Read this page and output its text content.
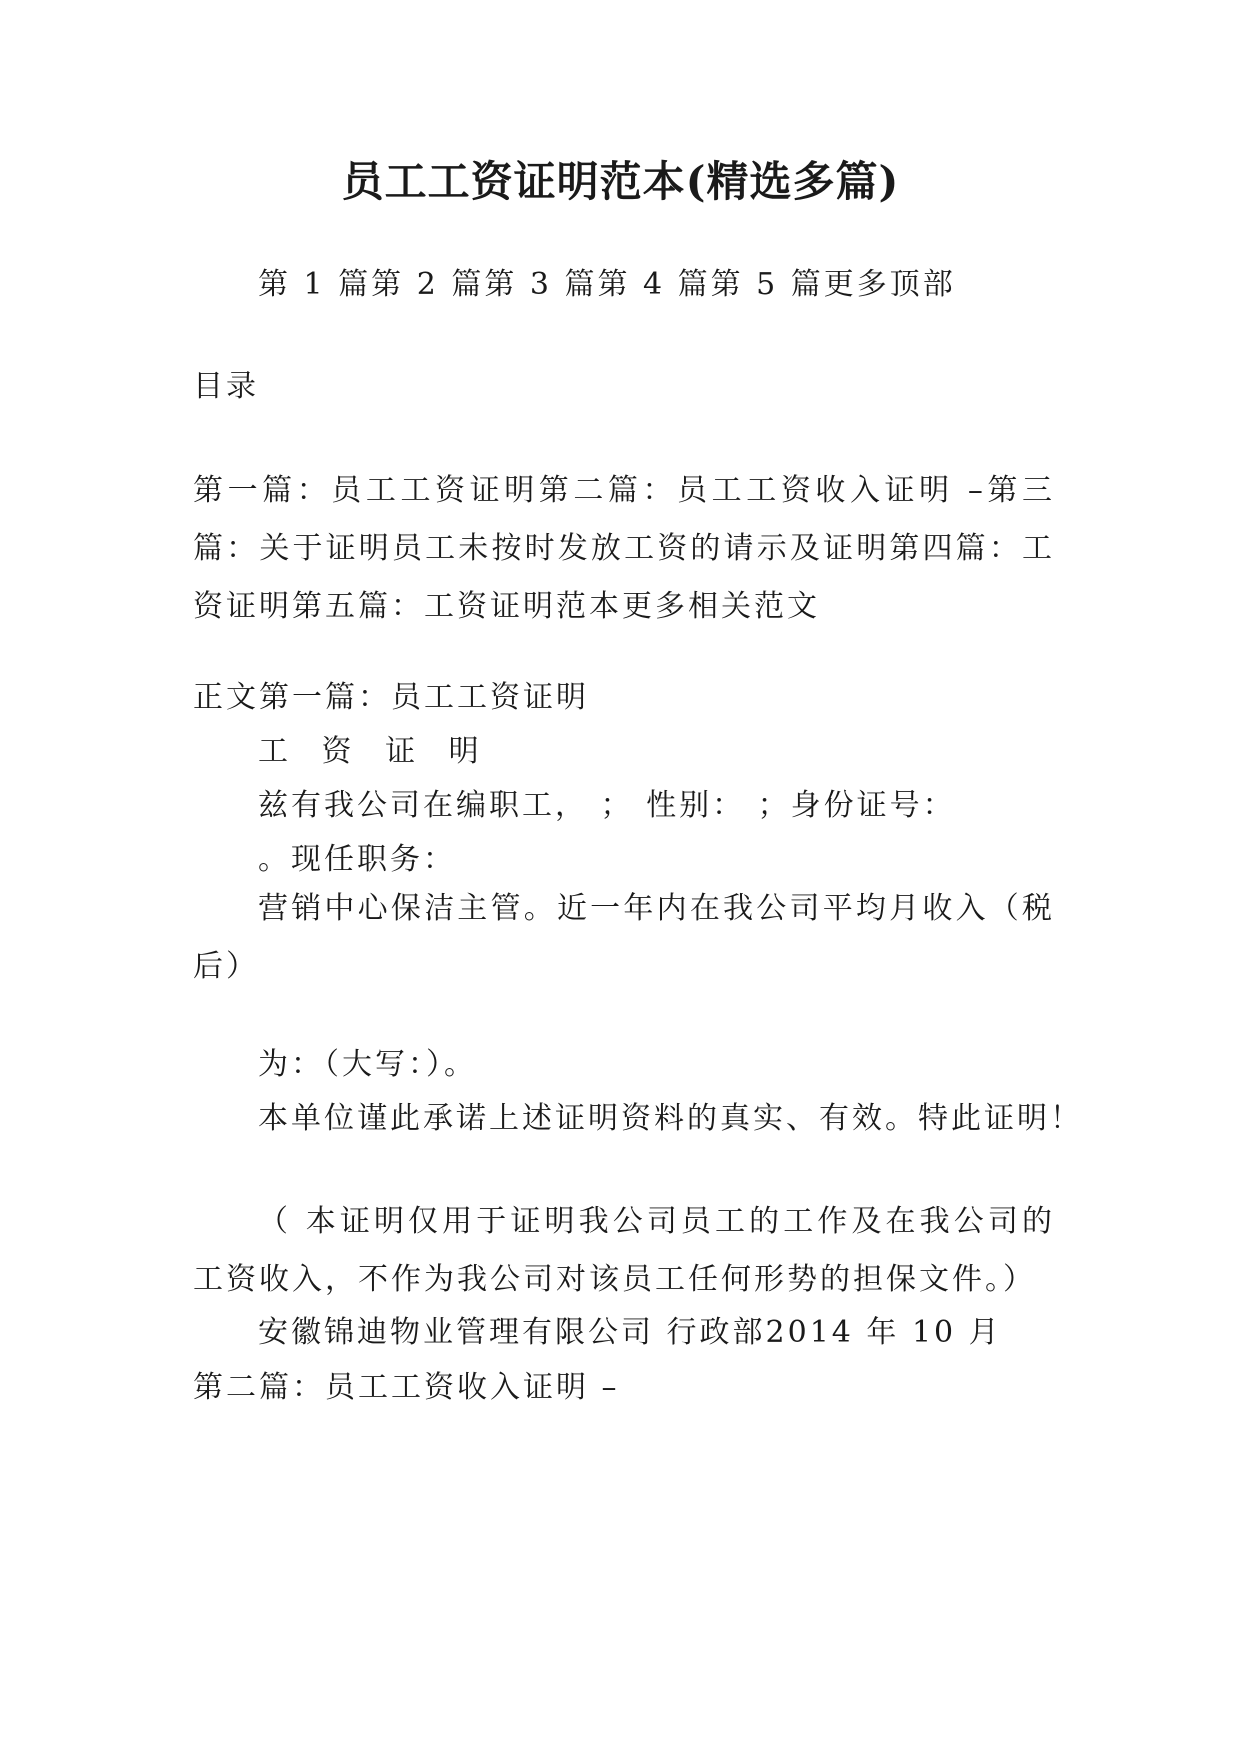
员工工资证明范本(精选多篇)
第 1 篇第 2 篇第 3 篇第 4 篇第 5 篇更多顶部
目录
第一篇：员工工资证明第二篇：员工工资收入证明 –第三篇：关于证明员工未按时发放工资的请示及证明第四篇：工资证明第五篇：工资证明范本更多相关范文
正文第一篇：员工工资证明
工 资 证 明
兹有我公司在编职工， ； 性别： ；身份证号：
。现任职务：
营销中心保洁主管。近一年内在我公司平均月收入（税后）
为：（大写：）。
本单位谨此承诺上述证明资料的真实、有效。特此证明！
（ 本证明仅用于证明我公司员工的工作及在我公司的工资收入，不作为我公司对该员工任何形势的担保文件。）
安徽锦迪物业管理有限公司 行政部2014 年 10 月
第二篇：员工工资收入证明 –
